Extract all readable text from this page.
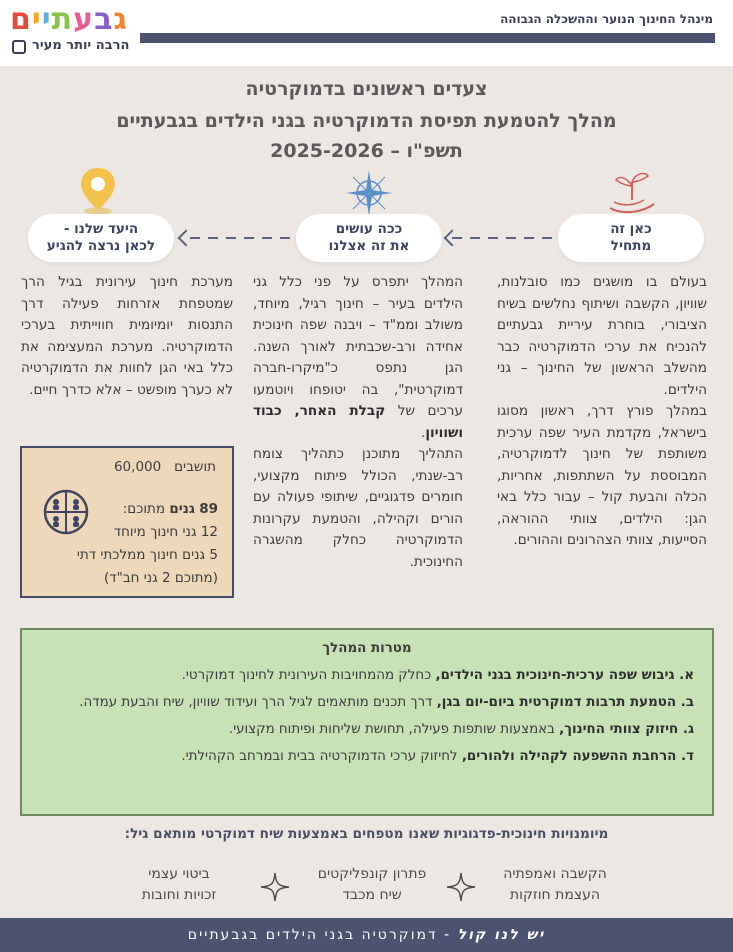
מינהל החינוך הנוער וההשכלה הגבוהה
ם י י ת ע ב ג
הרבה יותר מעיר
צעדים ראשונים בדמוקרטיה
מהלך להטמעת תפיסת הדמוקרטיה בגני הילדים בגבעתיים
תשפ"ו – 2025-2026
כאן זה
מתחיל
ככה עושים
את זה אצלנו
היעד שלנו -
לכאן נרצה להגיע

בעולם בו מושגים כמו סובלנות, שוויון, הקשבה ושיתוף נחלשים בשיח הציבורי, בוחרת עיריית גבעתיים להנכיח את ערכי הדמוקרטיה כבר מהשלב הראשון של החינוך – גני הילדים.

במהלך פורץ דרך, ראשון מסוגו בישראל, מקדמת העיר שפה ערכית משותפת של חינוך לדמוקרטיה, המבוססת על השתתפות, אחריות, הכלה והבעת קול – עבור כלל באי הגן: הילדים, צוותי ההוראה, הסייעות, צוותי הצהרונים וההורים.

המהלך יתפרס על פני כלל גני הילדים בעיר – חינוך רגיל, מיוחד, משולב וממ"ד – ויבנה שפה חינוכית אחידה ורב-שכבתית לאורך השנה. הגן נתפס כ"מיקרו-חברה דמוקרטית", בה יטופחו ויוטמעו ערכים של קבלת האחר, כבוד ושוויון.

התהליך מתוכנן כתהליך צומח רב-שנתי, הכולל פיתוח מקצועי, חומרים פדגוגיים, שיתופי פעולה עם הורים וקהילה, והטמעת עקרונות הדמוקרטיה כחלק מהשגרה החינוכית.

מערכת חינוך עירונית בגיל הרך שמטפחת אזרחות פעילה דרך התנסות יומיומית חווייתית בערכי הדמוקרטיה. מערכת המעצימה את כלל באי הגן לחוות את הדמוקרטיה לא כערך מופשט – אלא כדרך חיים.

תושבים   60,000
89 גנים מתוכם:
12 גני חינוך מיוחד
5 גנים חינוך ממלכתי דתי
(מתוכם 2 גני חב"ד)
מטרות המהלך
א. גיבוש שפה ערכית-חינוכית בגני הילדים, כחלק מהמחויבות העירונית לחינוך דמוקרטי.
ב. הטמעת תרבות דמוקרטית ביום-יום בגן, דרך תכנים מותאמים לגיל הרך ועידוד שוויון, שיח והבעת עמדה.
ג. חיזוק צוותי החינוך, באמצעות שותפות פעילה, תחושת שליחות ופיתוח מקצועי.
ד. הרחבת ההשפעה לקהילה ולהורים, לחיזוק ערכי הדמוקרטיה בבית ובמרחב הקהילתי.
מיומנויות חינוכית-פדגוגיות שאנו מטפחים באמצעות שיח דמוקרטי מותאם גיל:
הקשבה ואמפתיה
העצמת חוזקות
פתרון קונפליקטים
שיח מכבד
ביטוי עצמי
זכויות וחובות
יש לנו קול - דמוקרטיה בגני הילדים בגבעתיים
